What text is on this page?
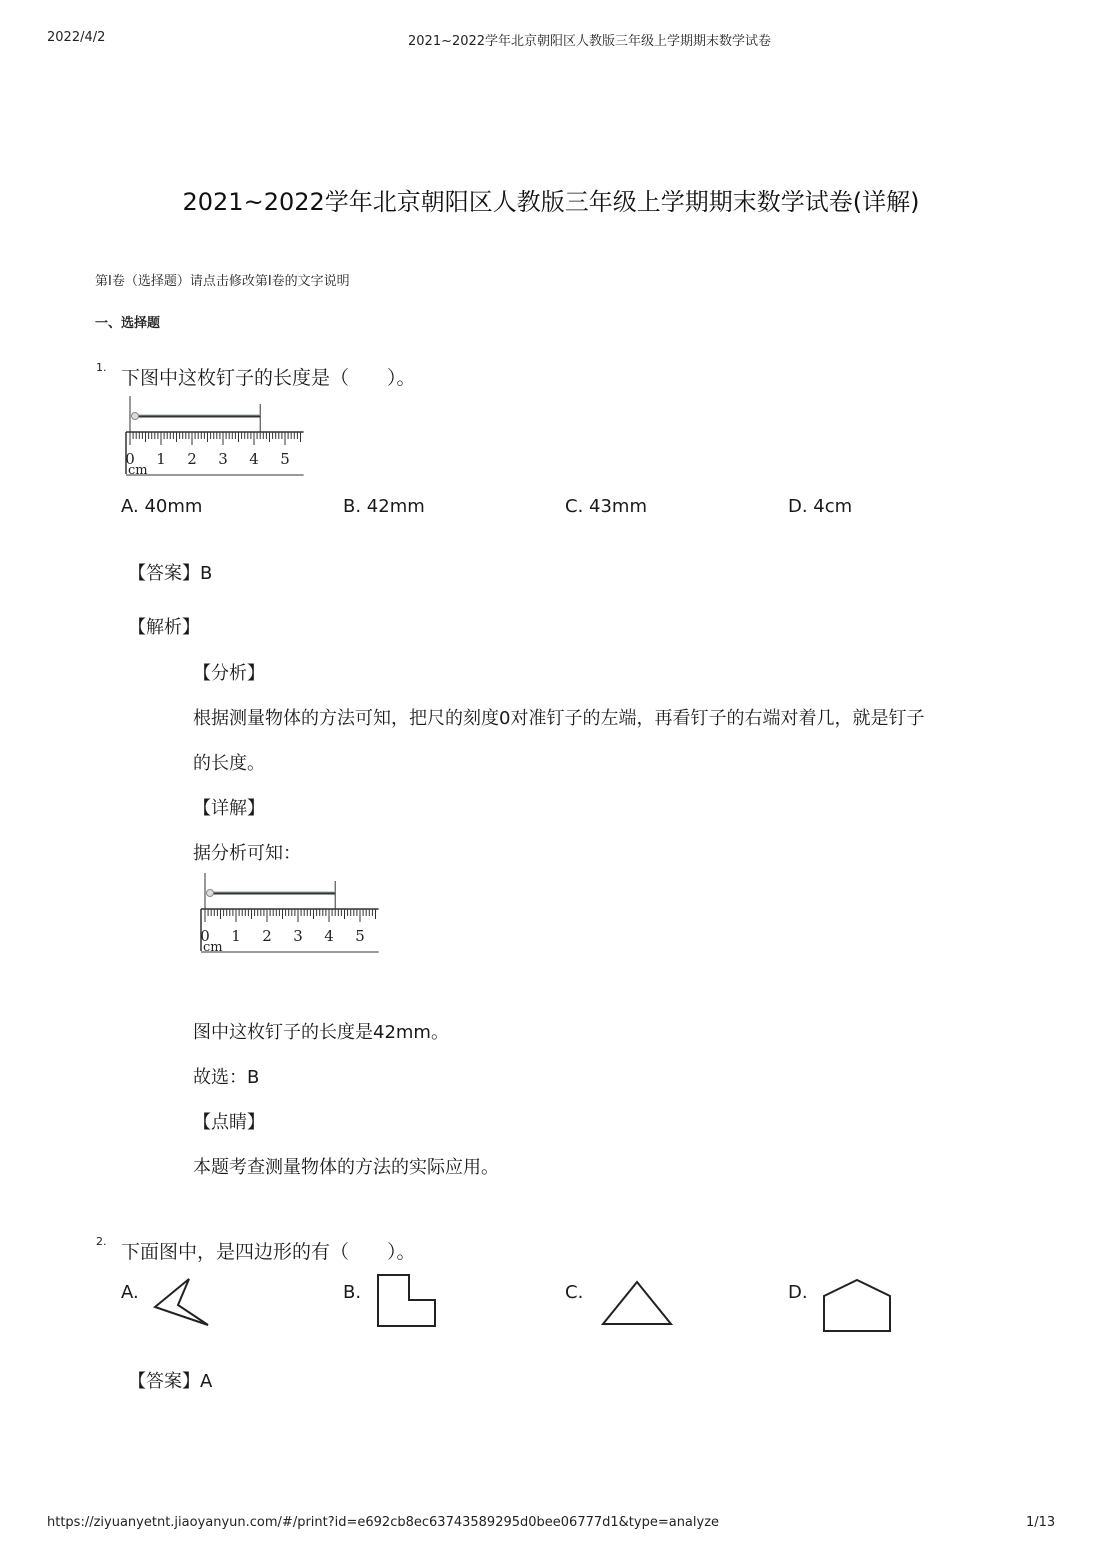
2022/4/2	2021~2022学年北京朝阳区人教版三年级上学期期末数学试卷
2021~2022学年北京朝阳区人教版三年级上学期期末数学试卷(详解)
第I卷（选择题）请点击修改第I卷的文字说明
一、选择题
1. 下图中这枚钉子的长度是（　　）。
0 1 2 3 4 5
cm
A. 40mm	B. 42mm	C. 43mm	D. 4cm
【答案】B
【解析】
【分析】
根据测量物体的方法可知，把尺的刻度0对准钉子的左端，再看钉子的右端对着几，就是钉子
的长度。
【详解】
据分析可知：
0 1 2 3 4 5
cm
图中这枚钉子的长度是42mm。
故选：B
【点睛】
本题考查测量物体的方法的实际应用。
2. 下面图中，是四边形的有（　　）。
A.	B.	C.	D.
【答案】A
https://ziyuanyetnt.jiaoyanyun.com/#/print?id=e692cb8ec63743589295d0bee06777d1&type=analyze	1/13
